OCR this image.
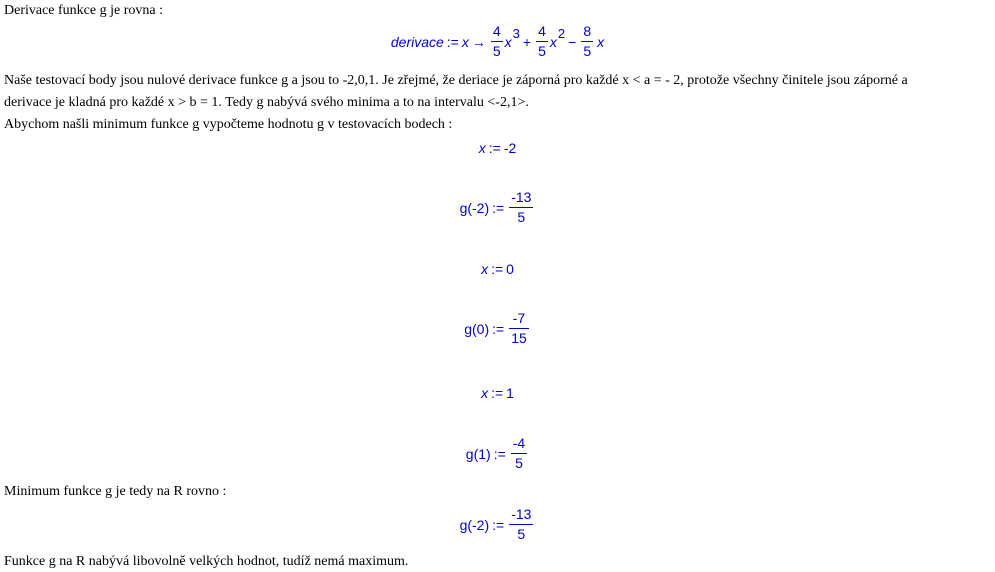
Derivace funkce g je rovna :
derivace := $x \to \frac{4}{5}$ x $3 + \frac{4}{5}$ x $2 - \frac{8}{5}$ x
Naše testovací body jsou nulové derivace funkce g a jsou to -2,0,1. Je zřejmé, že deriace je záporná pro každé x < a = - 2, protože všechny činitele jsou záporné a
derivace je kladná pro každé x > b = 1. Tedy g nabývá svého minima a to na intervalu <-2,1>.
Abychom našli minimum funkce g vypočteme hodnotu g v testovacích bodech :
x := -2
g(-2) := $\frac{-13}{5}$
x := 0
g(0) := $\frac{-7}{15}$
x := 1
g(1) := $\frac{-4}{5}$
Minimum funkce g je tedy na R rovno :
g(-2) := $\frac{-13}{5}$
Funkce g na R nabývá libovolně velkých hodnot, tudíž nemá maximum.
